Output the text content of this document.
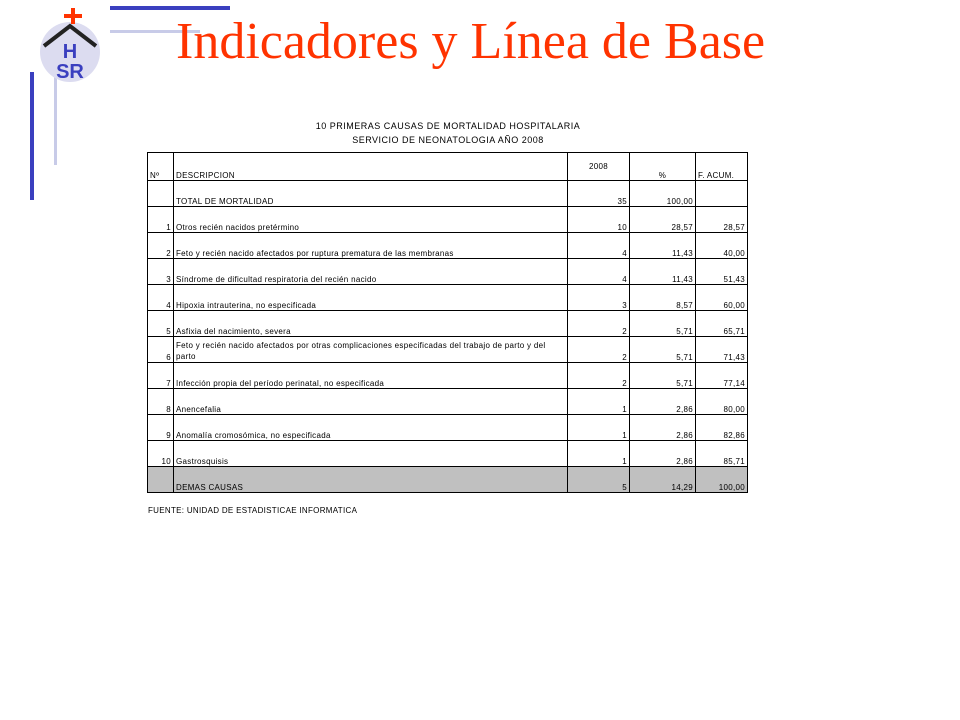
H
SR
Indicadores y Línea de Base
10 PRIMERAS CAUSAS DE MORTALIDAD HOSPITALARIA
SERVICIO DE NEONATOLOGIA AÑO 2008
Nº	DESCRIPCION	2008	%	F. ACUM.
	TOTAL DE MORTALIDAD	35	100,00	
1	Otros recién nacidos pretérmino	10	28,57	28,57
2	Feto y recién nacido afectados por ruptura prematura de las membranas	4	11,43	40,00
3	Síndrome de dificultad respiratoria del recién nacido	4	11,43	51,43
4	Hipoxia intrauterina, no especificada	3	8,57	60,00
5	Asfixia del nacimiento, severa	2	5,71	65,71
6	Feto y recién nacido afectados por otras complicaciones especificadas del trabajo de parto y del parto	2	5,71	71,43
7	Infección propia del período perinatal, no especificada	2	5,71	77,14
8	Anencefalia	1	2,86	80,00
9	Anomalía cromosómica, no especificada	1	2,86	82,86
10	Gastrosquisis	1	2,86	85,71
	DEMAS CAUSAS	5	14,29	100,00
FUENTE: UNIDAD DE ESTADISTICAE INFORMATICA
